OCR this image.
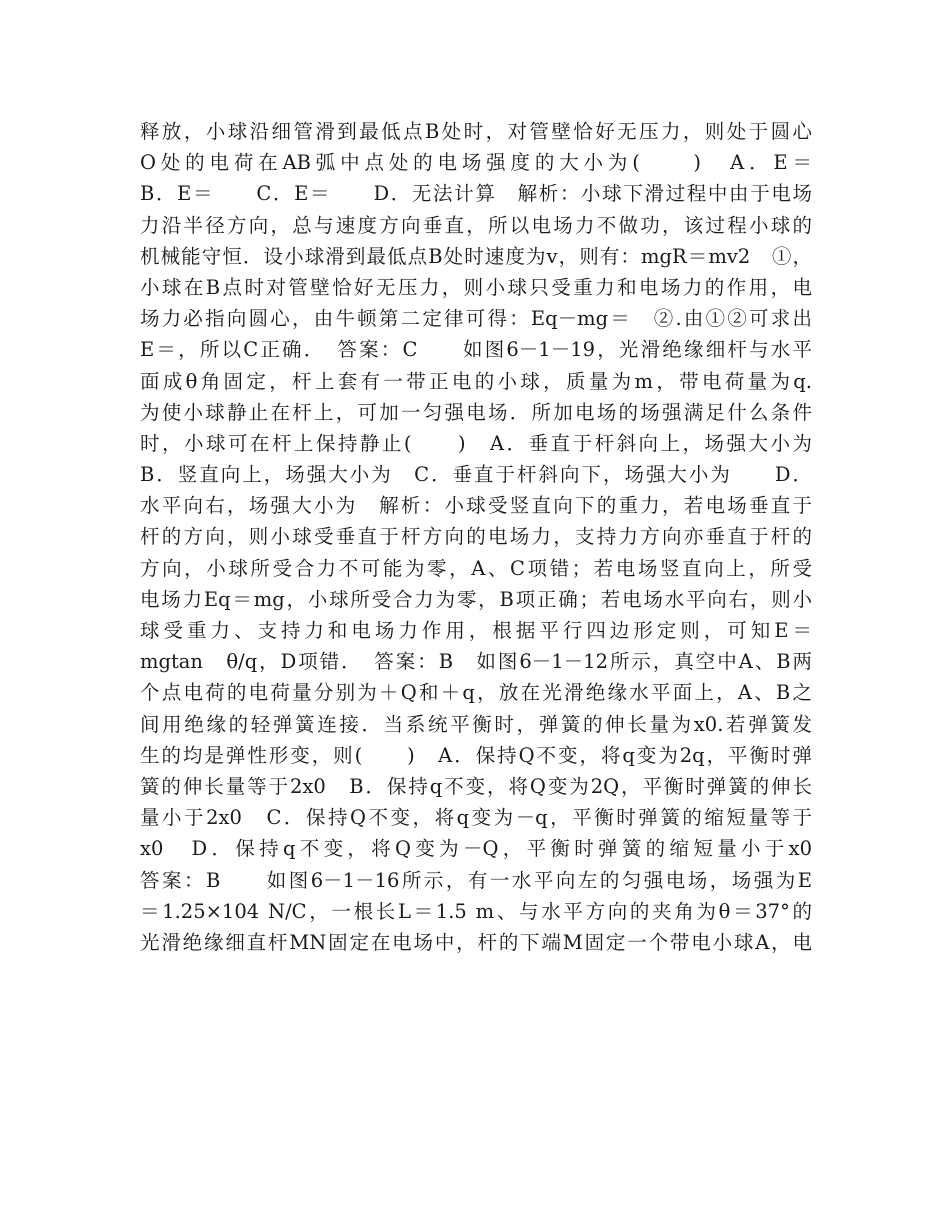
释放，小球沿细管滑到最低点B处时，对管壁恰好无压力，则处于圆心
O处的电荷在AB弧中点处的电场强度的大小为(　　)　A．E＝
B．E＝　　C．E＝　　D．无法计算　解析：小球下滑过程中由于电场
力沿半径方向，总与速度方向垂直，所以电场力不做功，该过程小球的
机械能守恒．设小球滑到最低点B处时速度为v，则有：mgR＝mv2　①，
小球在B点时对管壁恰好无压力，则小球只受重力和电场力的作用，电
场力必指向圆心，由牛顿第二定律可得：Eq－mg＝　②.由①②可求出
E＝，所以C正确．　答案：C　　如图6－1－19，光滑绝缘细杆与水平
面成θ角固定，杆上套有一带正电的小球，质量为m，带电荷量为q.
为使小球静止在杆上，可加一匀强电场．所加电场的场强满足什么条件
时，小球可在杆上保持静止(　　)　A．垂直于杆斜向上，场强大小为
B．竖直向上，场强大小为　C．垂直于杆斜向下，场强大小为　　D．
水平向右，场强大小为　解析：小球受竖直向下的重力，若电场垂直于
杆的方向，则小球受垂直于杆方向的电场力，支持力方向亦垂直于杆的
方向，小球所受合力不可能为零，A、C项错；若电场竖直向上，所受
电场力Eq＝mg，小球所受合力为零，B项正确；若电场水平向右，则小
球受重力、支持力和电场力作用，根据平行四边形定则，可知E＝
mgtan　θ/q，D项错．　答案：B　如图6－1－12所示，真空中A、B两
个点电荷的电荷量分别为＋Q和＋q，放在光滑绝缘水平面上，A、B之
间用绝缘的轻弹簧连接．当系统平衡时，弹簧的伸长量为x0.若弹簧发
生的均是弹性形变，则(　　)　A．保持Q不变，将q变为2q，平衡时弹
簧的伸长量等于2x0　B．保持q不变，将Q变为2Q，平衡时弹簧的伸长
量小于2x0　C．保持Q不变，将q变为－q，平衡时弹簧的缩短量等于
x0　D．保持q不变，将Q变为－Q，平衡时弹簧的缩短量小于x0
答案：B　　如图6－1－16所示，有一水平向左的匀强电场，场强为E
＝1.25×104 N/C，一根长L＝1.5 m、与水平方向的夹角为θ＝37°的
光滑绝缘细直杆MN固定在电场中，杆的下端M固定一个带电小球A，电
